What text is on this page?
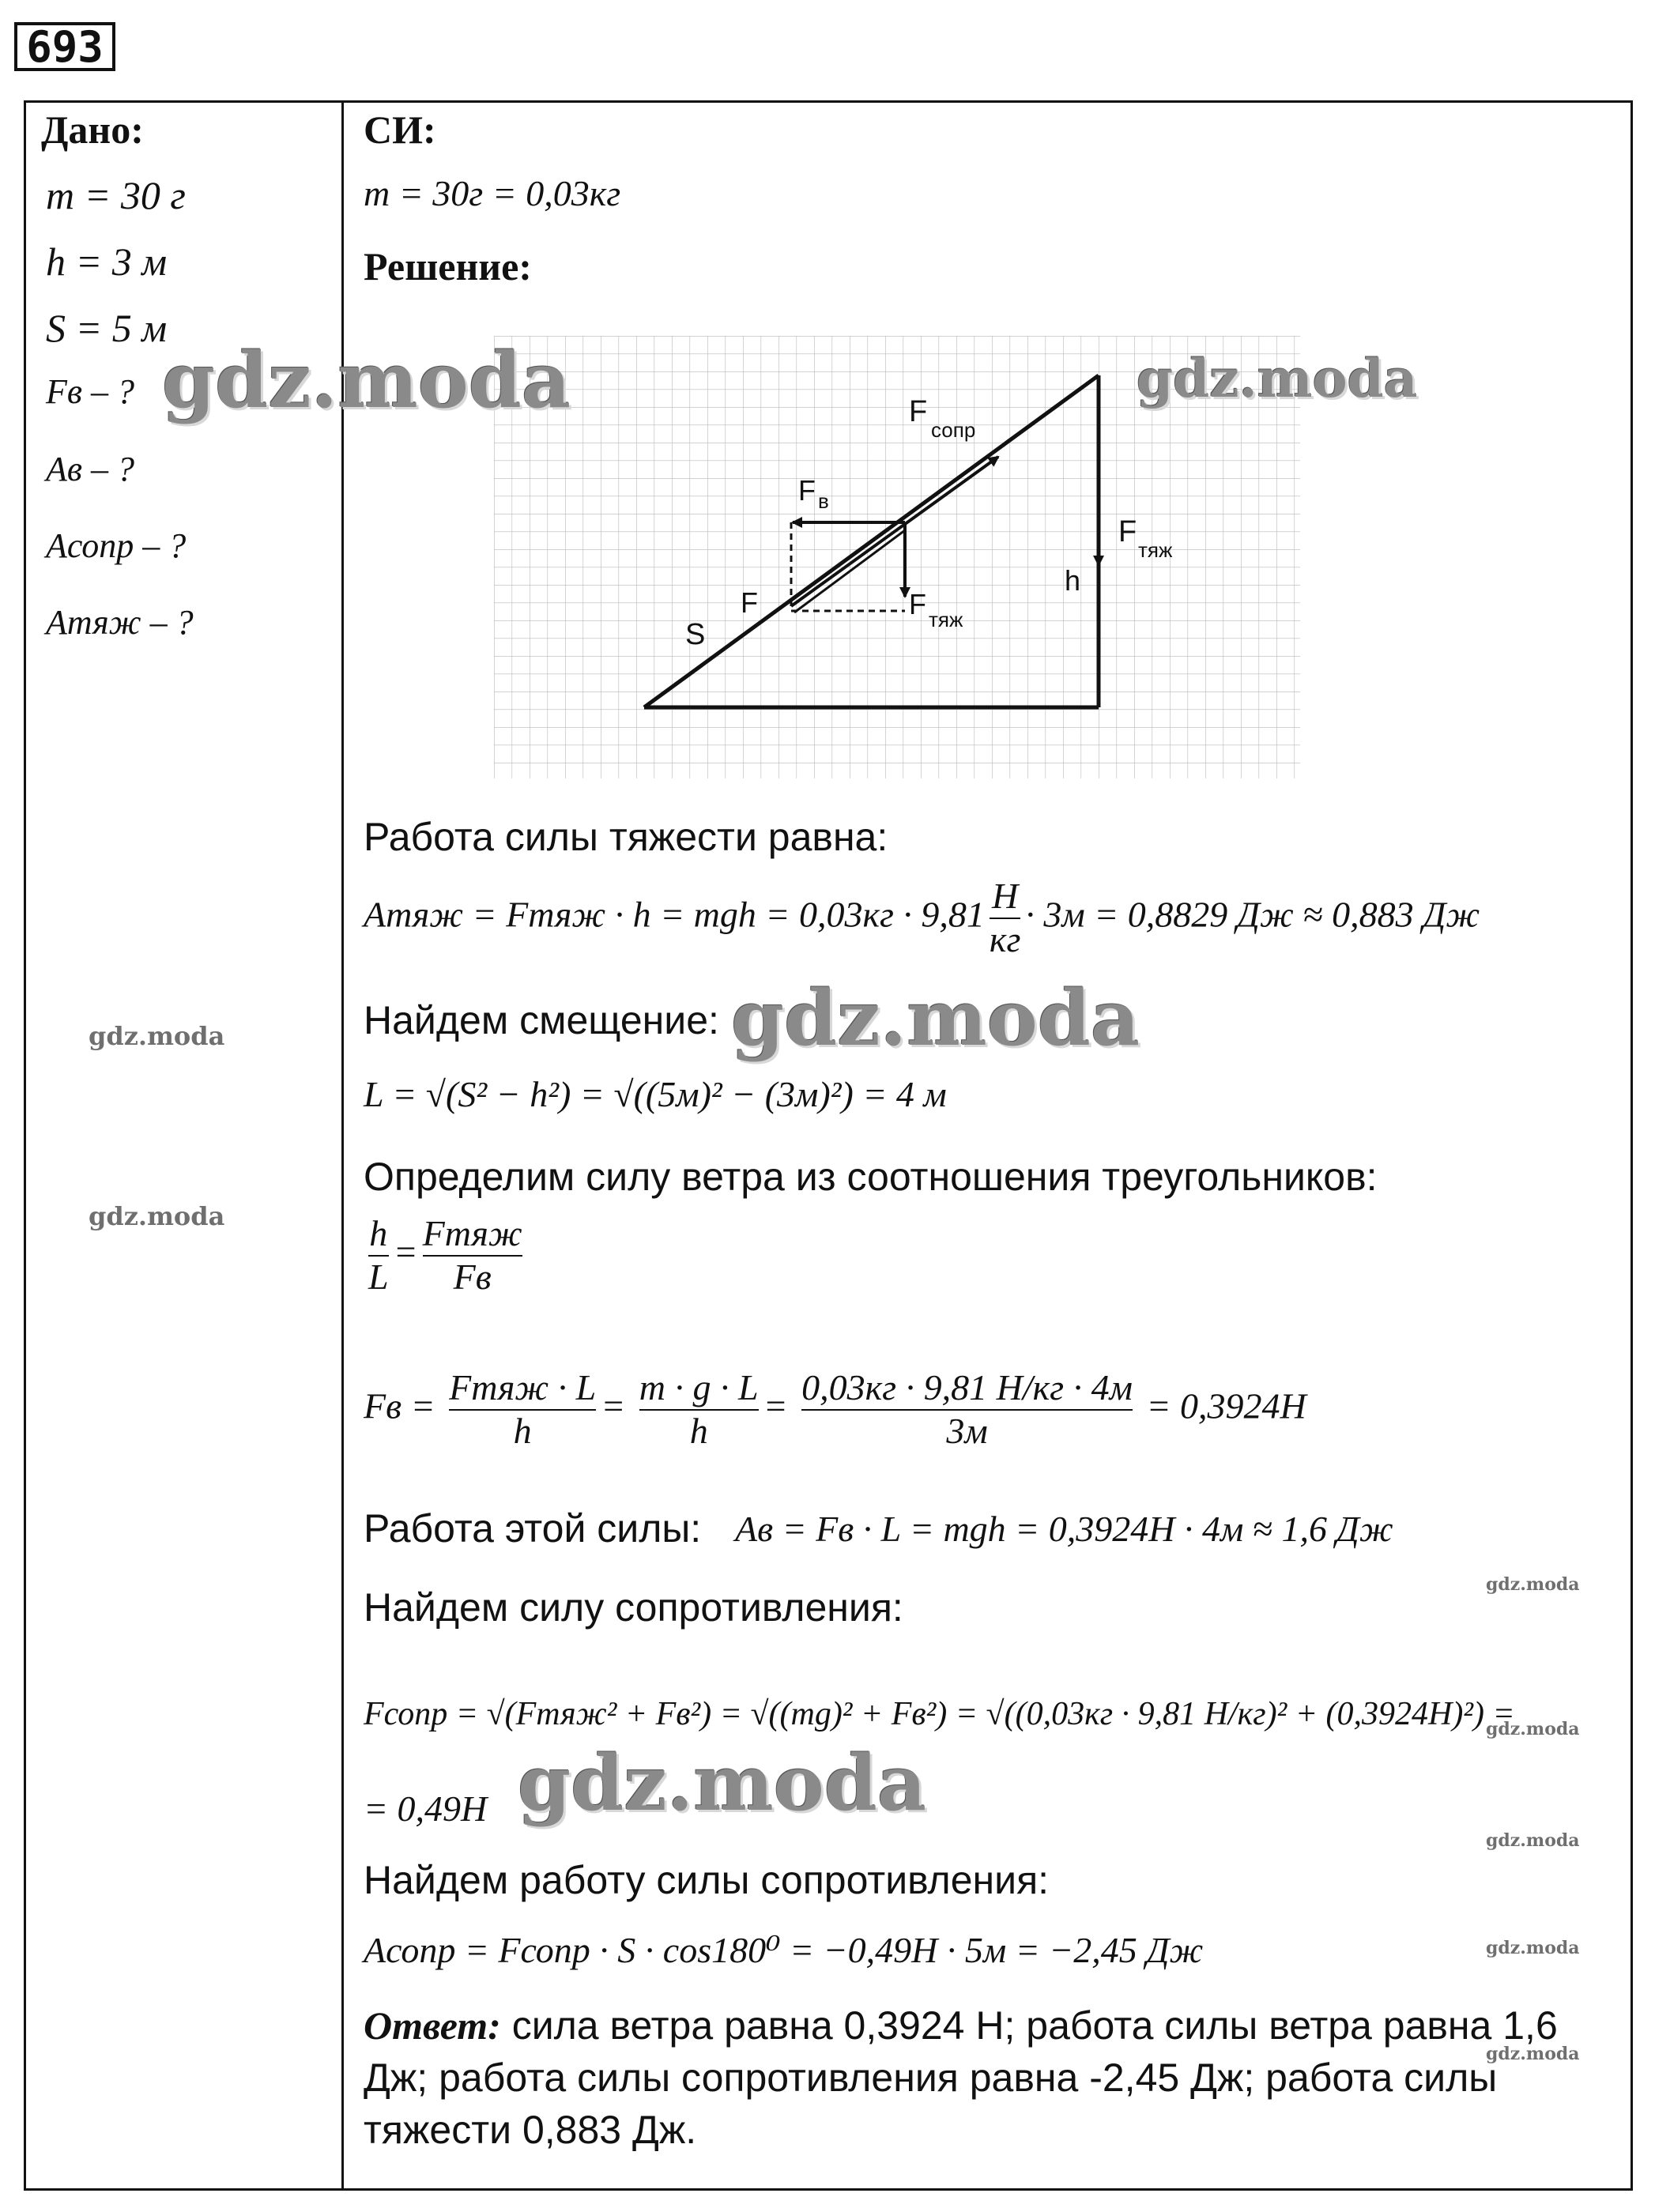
693
Дано:
m = 30 г
h = 3 м
S = 5 м
Fв – ?
Aв – ?
Aсопр – ?
Aтяж – ?
СИ:
m = 30г = 0,03кг
Решение:
F
сопр
F в
F
тяж
h
F	F тяж
S
Работа силы тяжести равна:
Aтяж = Fтяж · h = mgh = $0,03кг \cdot 9,81 \frac{Н}{кг} \cdot 3м = 0,8829$ Дж ≈ 0,883 Дж
Найдем смещение:
L = √(S² − h²) = √((5м)² − (3м)²) = 4 м
Определим силу ветра из соотношения треугольников:
$\frac{h}{L} = \frac{\text{Fтяж}}{Fв}$
Fв = $\frac{\text{Fтяж · L}}{h} = \frac{m \cdot g \cdot L}{h} = \frac{0,03кг \cdot 9,81 Н/кг \cdot 4м}{3м} = 0,3924Н$
Работа этой силы: Aв = Fв · L = mgh = 0,3924Н · 4м ≈ 1,6 Дж
Найдем силу сопротивления:
Fсопр = √(Fтяж² + Fв²) = √((mg)² + Fв²) = √((0,03кг · 9,81 Н/кг)² + (0,3924Н)²) =
= 0,49Н
Найдем работу силы сопротивления:
Aсопр = Fсопр · S · cos180⁰ = −0,49Н · 5м = −2,45 Дж
Ответ: сила ветра равна 0,3924 Н; работа силы ветра равна 1,6 Дж; работа силы сопротивления равна -2,45 Дж; работа силы тяжести 0,883 Дж.
gdz.moda	gdz.moda
gdz.moda
gdz.moda
gdz.moda
gdz.moda
gdz.moda
gdz.moda
gdz.moda
gdz.moda
gdz.moda
